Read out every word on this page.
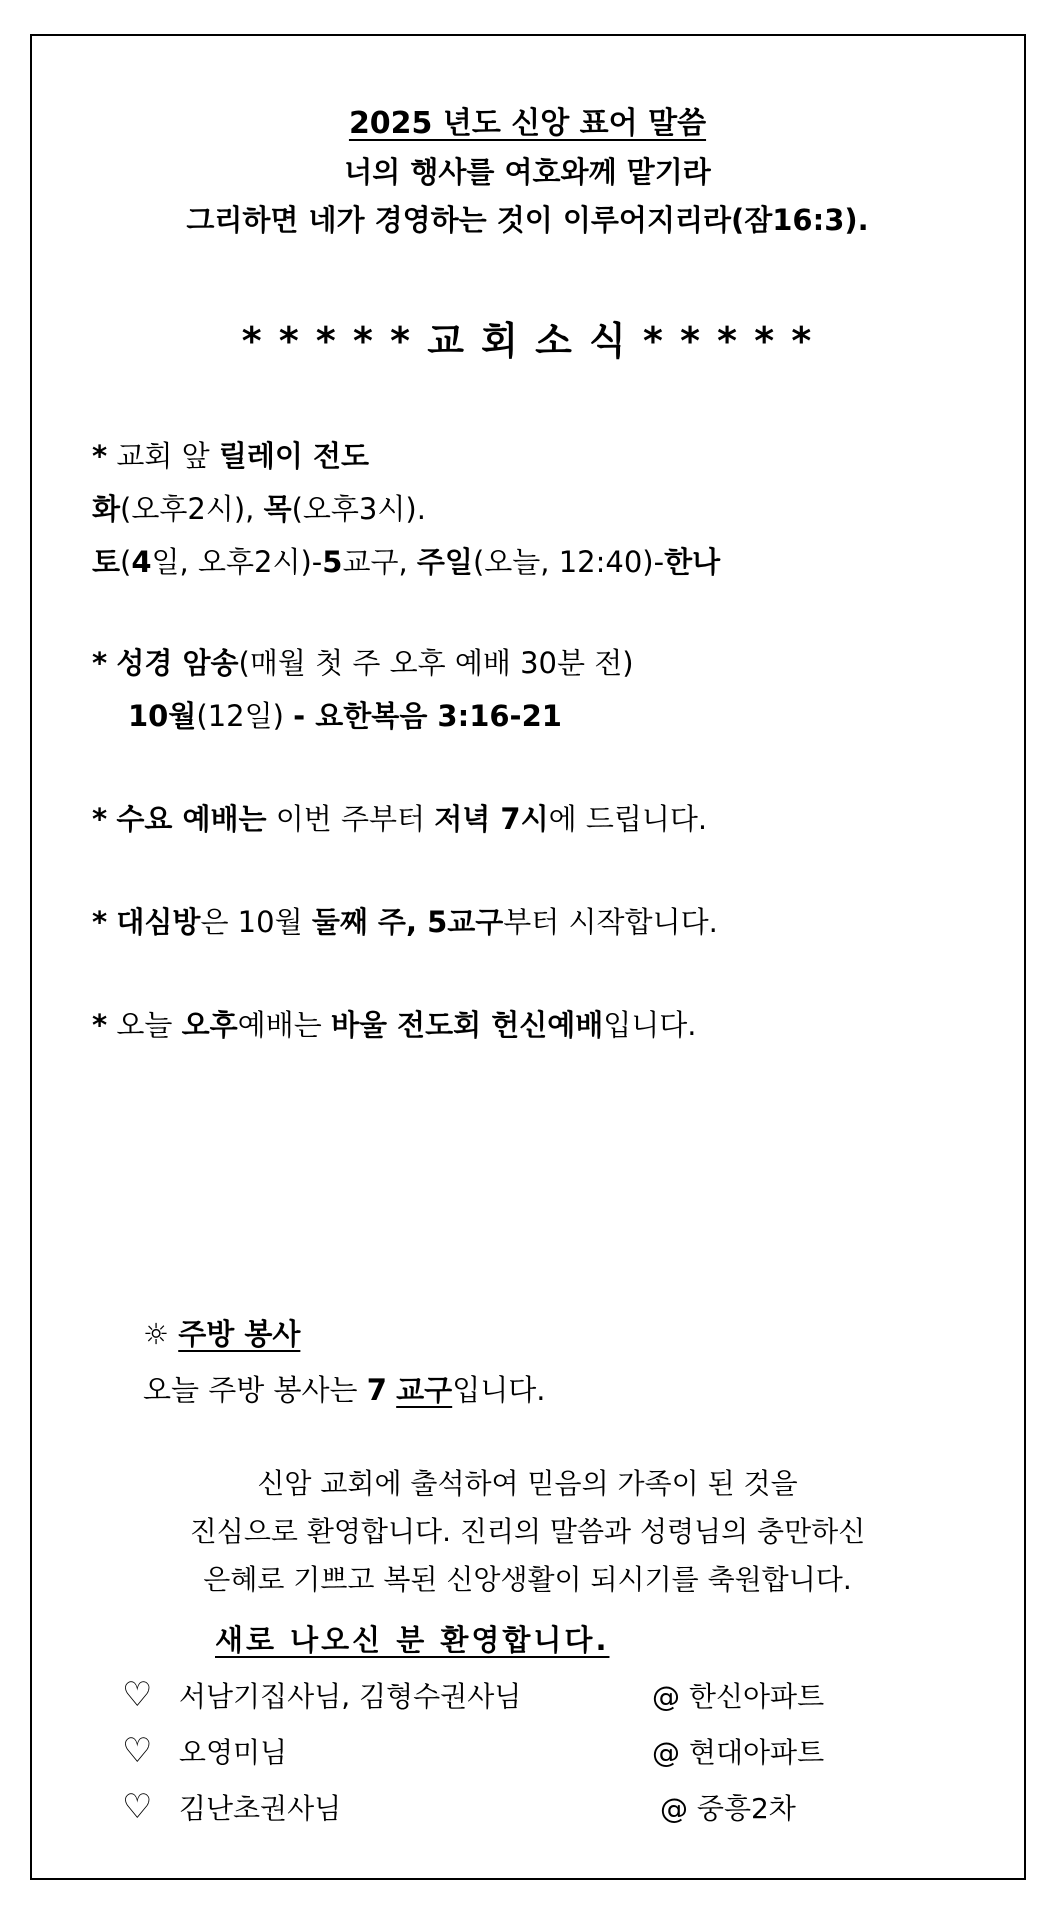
2025 년도 신앙 표어 말씀
너의 행사를 여호와께 맡기라
그리하면 네가 경영하는 것이 이루어지리라(잠16:3).
* * * * * 교 회 소 식 * * * * *
* 교회 앞 릴레이 전도
화(오후2시), 목(오후3시).
토(4일, 오후2시)-5교구, 주일(오늘, 12:40)-한나
* 성경 암송(매월 첫 주 오후 예배 30분 전)
10월(12일) - 요한복음 3:16-21
* 수요 예배는 이번 주부터 저녁 7시에 드립니다.
* 대심방은 10월 둘째 주, 5교구부터 시작합니다.
* 오늘 오후예배는 바울 전도회 헌신예배입니다.
☼ 주방 봉사
오늘 주방 봉사는 7 교구입니다.
신암 교회에 출석하여 믿음의 가족이 된 것을
진심으로 환영합니다. 진리의 말씀과 성령님의 충만하신
은혜로 기쁘고 복된 신앙생활이 되시기를 축원합니다.
새로 나오신 분 환영합니다.
♡ 서남기집사님, 김형수권사님	@ 한신아파트
♡ 오영미님	@ 현대아파트
♡ 김난초권사님	@ 중흥2차
